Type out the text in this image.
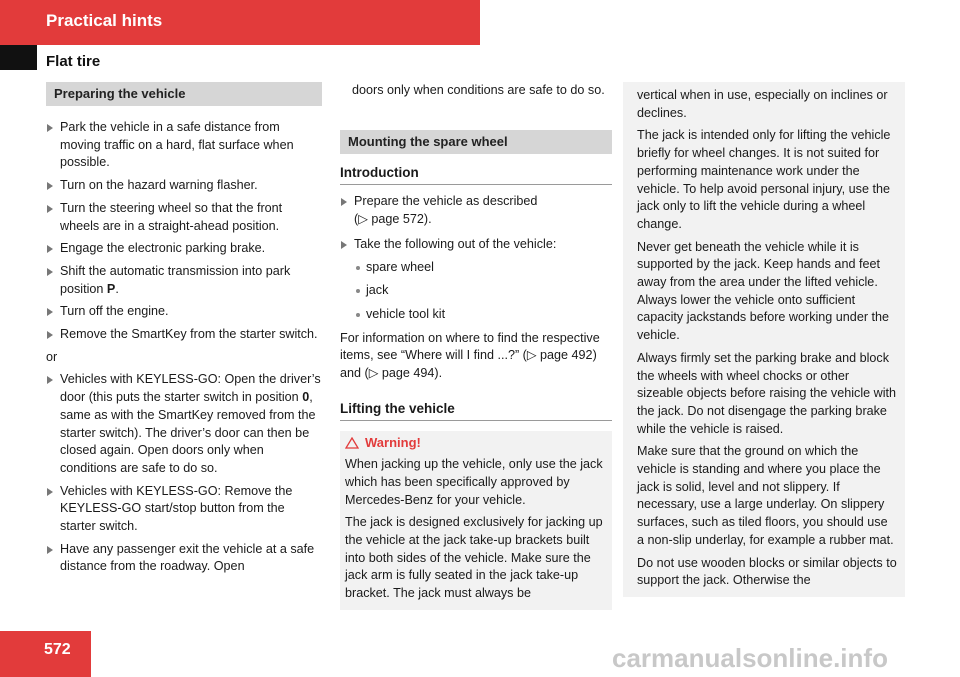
Practical hints
Flat tire
Preparing the vehicle

Park the vehicle in a safe distance from moving traffic on a hard, flat surface when possible.

Turn on the hazard warning flasher.

Turn the steering wheel so that the front wheels are in a straight-ahead position.

Engage the electronic parking brake.

Shift the automatic transmission into park position P.

Turn off the engine.

Remove the SmartKey from the starter switch.

or

Vehicles with KEYLESS-GO: Open the driver’s door (this puts the starter switch in position 0, same as with the SmartKey removed from the starter switch). The driver’s door can then be closed again. Open doors only when conditions are safe to do so.

Vehicles with KEYLESS-GO: Remove the KEYLESS-GO start/stop button from the starter switch.

Have any passenger exit the vehicle at a safe distance from the roadway. Open

doors only when conditions are safe to do so.

Mounting the spare wheel

Introduction

Prepare the vehicle as described
(▷ page 572).

Take the following out of the vehicle:

spare wheel

jack

vehicle tool kit

For information on where to find the respective items, see “Where will I find ...?” (▷ page 492) and (▷ page 494).

Lifting the vehicle

Warning!

When jacking up the vehicle, only use the jack which has been specifically approved by Mercedes-Benz for your vehicle.

The jack is designed exclusively for jacking up the vehicle at the jack take-up brackets built into both sides of the vehicle. Make sure the jack arm is fully seated in the jack take-up bracket. The jack must always be

vertical when in use, especially on inclines or declines.

The jack is intended only for lifting the vehicle briefly for wheel changes. It is not suited for performing maintenance work under the vehicle. To help avoid personal injury, use the jack only to lift the vehicle during a wheel change.

Never get beneath the vehicle while it is supported by the jack. Keep hands and feet away from the area under the lifted vehicle. Always lower the vehicle onto sufficient capacity jackstands before working under the vehicle.

Always firmly set the parking brake and block the wheels with wheel chocks or other sizeable objects before raising the vehicle with the jack. Do not disengage the parking brake while the vehicle is raised.

Make sure that the ground on which the vehicle is standing and where you place the jack is solid, level and not slippery. If necessary, use a large underlay. On slippery surfaces, such as tiled floors, you should use a non-slip underlay, for example a rubber mat.

Do not use wooden blocks or similar objects to support the jack. Otherwise the

572	carmanualsonline.info
